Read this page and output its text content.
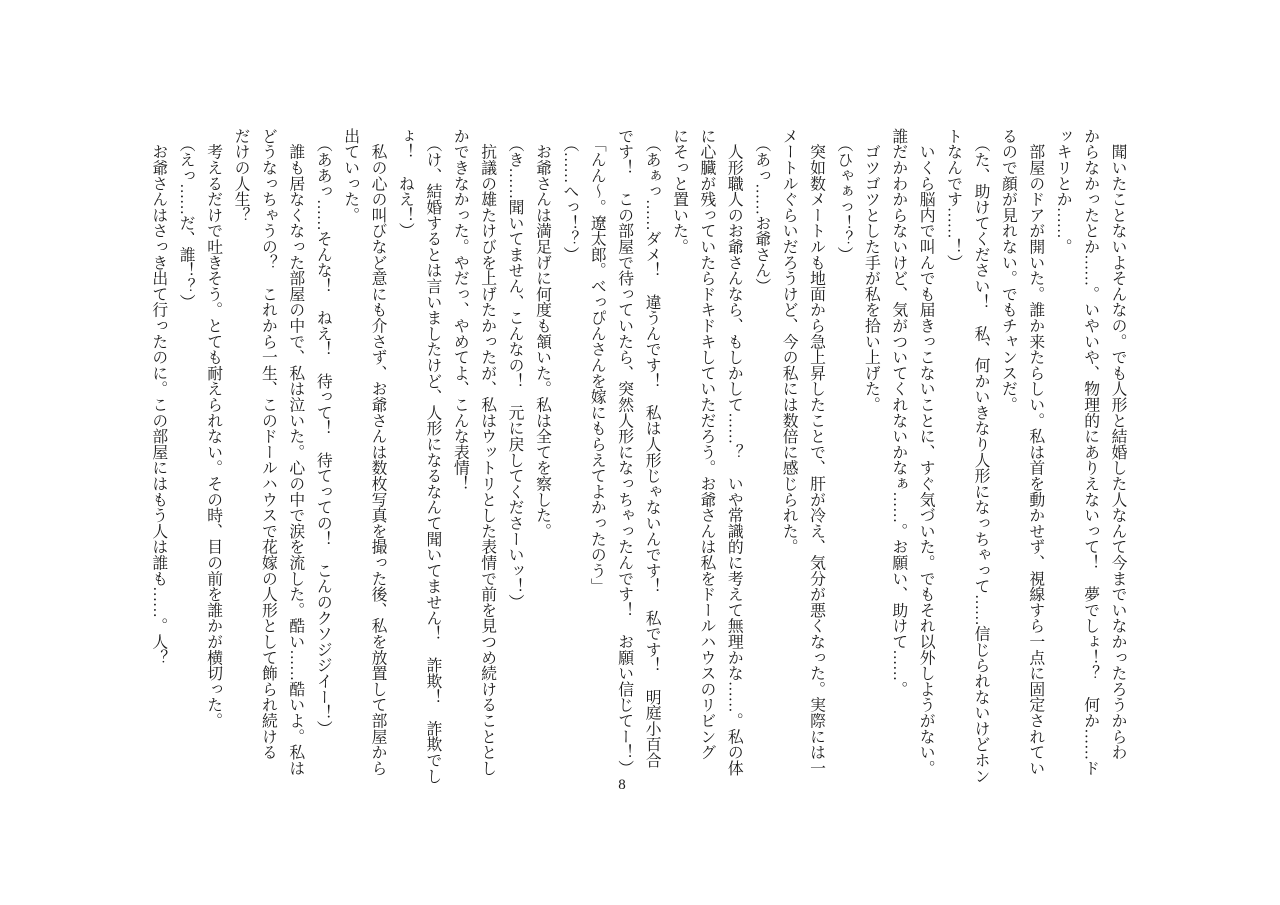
　聞いたことないよそんなの。でも人形と結婚した人なんて今までいなかったろうからわ
からなかったとか……。いやいや、物理的にありえないって！　夢でしょ！？　何か……ド
ッキリとか……。
　部屋のドアが開いた。誰か来たらしい。私は首を動かせず、視線すら一点に固定されてい
るので顔が見れない。でもチャンスだ。
　（た、助けてください！　私、何かいきなり人形になっちゃって……信じられないけどホン
トなんです……！）
　いくら脳内で叫んでも届きっこないことに、すぐ気づいた。でもそれ以外しようがない。
誰だかわからないけど、気がついてくれないかなぁ……。お願い、助けて……。
　ゴツゴツとした手が私を拾い上げた。
　（ひゃぁっ！？）
　突如数メートルも地面から急上昇したことで、肝が冷え、気分が悪くなった。実際には一
メートルぐらいだろうけど、今の私には数倍に感じられた。
　（あっ……お爺さん）
　人形職人のお爺さんなら、もしかして……？　いや常識的に考えて無理かな……。私の体
に心臓が残っていたらドキドキしていただろう。お爺さんは私をドールハウスのリビング
にそっと置いた。
　（あぁっ……ダメ！　違うんです！　私は人形じゃないんです！　私です！　明庭小百合
です！　この部屋で待っていたら、突然人形になっちゃったんです！　お願い信じてー！）
　「んん〜。遼太郎。べっぴんさんを嫁にもらえてよかったのう」
　（……へっ！？）
　お爺さんは満足げに何度も頷いた。私は全てを察した。
　（き……聞いてません、こんなの！　元に戻してくださーいッ！）
　抗議の雄たけびを上げたかったが、私はウットリとした表情で前を見つめ続けることとし
かできなかった。やだっ、やめてよ、こんな表情！
　（け、結婚するとは言いましたけど、人形になるなんて聞いてません！　詐欺！　詐欺でし
ょ！　ねえ！）
　私の心の叫びなど意にも介さず、お爺さんは数枚写真を撮った後、私を放置して部屋から
出ていった。
　（ああっ……そんな！　ねえ！　待って！　待てっての！　こんのクソジジイー！）
　誰も居なくなった部屋の中で、私は泣いた。心の中で涙を流した。酷い……酷いよ。私は
どうなっちゃうの？　これから一生、このドールハウスで花嫁の人形として飾られ続ける
だけの人生？
　考えるだけで吐きそう。とても耐えられない。その時、目の前を誰かが横切った。
　（えっ……だ、誰！？）
　お爺さんはさっき出て行ったのに。この部屋にはもう人は誰も……。人？
8
